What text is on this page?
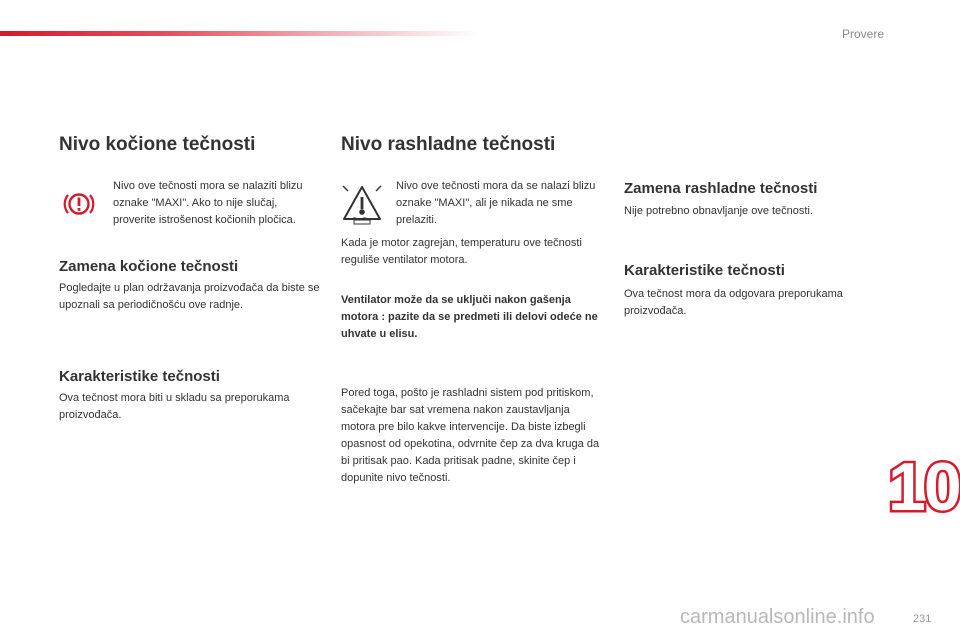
Provere
Nivo kočione tečnosti
Nivo ove tečnosti mora se nalaziti blizu oznake "MAXI". Ako to nije slučaj, proverite istrošenost kočionih pločica.
Zamena kočione tečnosti
Pogledajte u plan održavanja proizvođača da biste se upoznali sa periodičnošću ove radnje.
Karakteristike tečnosti
Ova tečnost mora biti u skladu sa preporukama proizvođača.
Nivo rashladne tečnosti
Nivo ove tečnosti mora da se nalazi blizu oznake "MAXI", ali je nikada ne sme prelaziti.
Kada je motor zagrejan, temperaturu ove tečnosti reguliše ventilator motora.
Ventilator može da se uključi nakon gašenja motora : pazite da se predmeti ili delovi odeće ne uhvate u elisu.
Pored toga, pošto je rashladni sistem pod pritiskom, sačekajte bar sat vremena nakon zaustavljanja motora pre bilo kakve intervencije. Da biste izbegli opasnost od opekotina, odvrnite čep za dva kruga da bi pritisak pao. Kada pritisak padne, skinite čep i dopunite nivo tečnosti.
Zamena rashladne tečnosti
Nije potrebno obnavljanje ove tečnosti.
Karakteristike tečnosti
Ova tečnost mora da odgovara preporukama proizvođača.
10
231
carmanualsonline.info
